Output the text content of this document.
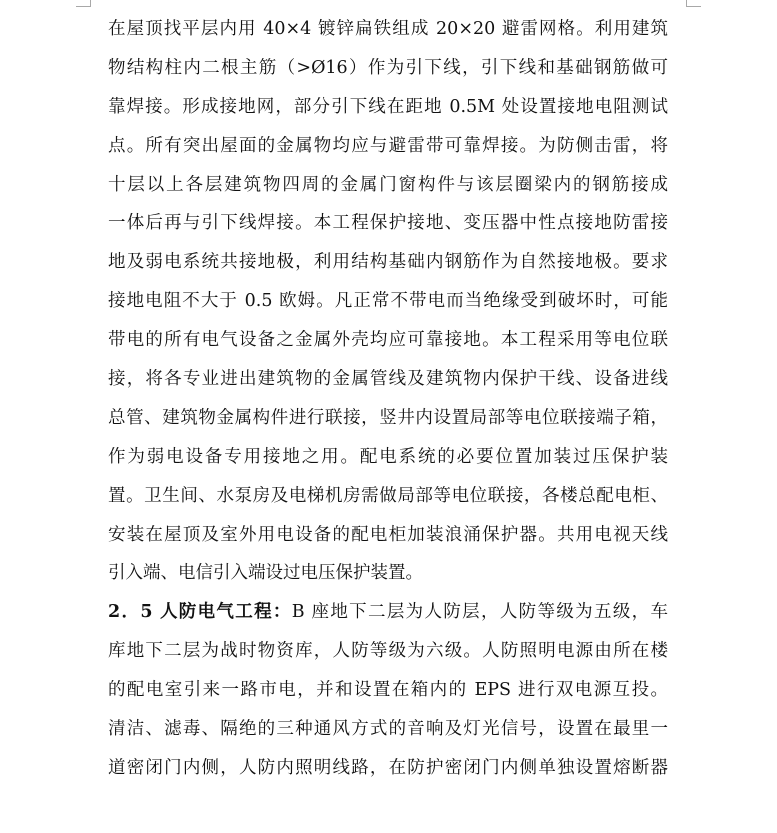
在屋顶找平层内用 40×4 镀锌扁铁组成 20×20 避雷网格。利用建筑
物结构柱内二根主筋（>Ø16）作为引下线，引下线和基础钢筋做可
靠焊接。形成接地网，部分引下线在距地 0.5M 处设置接地电阻测试
点。所有突出屋面的金属物均应与避雷带可靠焊接。为防侧击雷，将
十层以上各层建筑物四周的金属门窗构件与该层圈梁内的钢筋接成
一体后再与引下线焊接。本工程保护接地、变压器中性点接地防雷接
地及弱电系统共接地极，利用结构基础内钢筋作为自然接地极。要求
接地电阻不大于 0.5 欧姆。凡正常不带电而当绝缘受到破坏时，可能
带电的所有电气设备之金属外壳均应可靠接地。本工程采用等电位联
接，将各专业进出建筑物的金属管线及建筑物内保护干线、设备进线
总管、建筑物金属构件进行联接，竖井内设置局部等电位联接端子箱，
作为弱电设备专用接地之用。配电系统的必要位置加装过压保护装
置。卫生间、水泵房及电梯机房需做局部等电位联接，各楼总配电柜、
安装在屋顶及室外用电设备的配电柜加装浪涌保护器。共用电视天线
引入端、电信引入端设过电压保护装置。
2．5 人防电气工程：B 座地下二层为人防层，人防等级为五级，车
库地下二层为战时物资库，人防等级为六级。人防照明电源由所在楼
的配电室引来一路市电，并和设置在箱内的 EPS 进行双电源互投。
清洁、滤毒、隔绝的三种通风方式的音响及灯光信号，设置在最里一
道密闭门内侧，人防内照明线路，在防护密闭门内侧单独设置熔断器
